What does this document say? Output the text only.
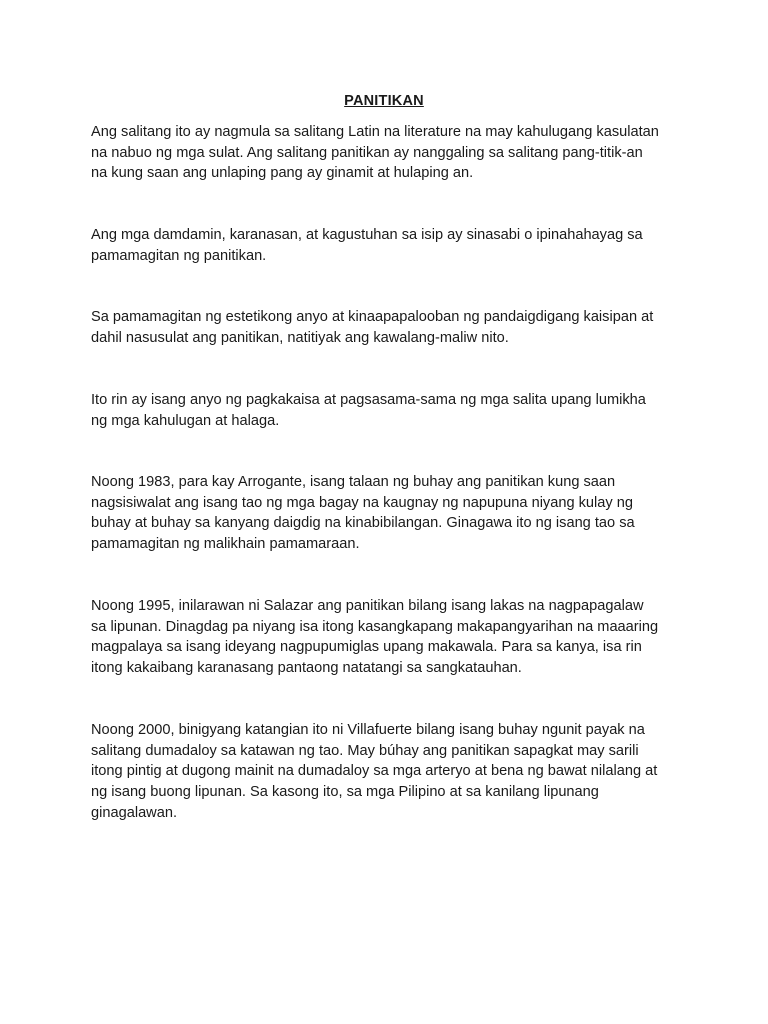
PANITIKAN

Ang salitang ito ay nagmula sa salitang Latin na literature na may kahulugang kasulatan
na nabuo ng mga sulat. Ang salitang panitikan ay nanggaling sa salitang pang-titik-an
na kung saan ang unlaping pang ay ginamit at hulaping an.

Ang mga damdamin, karanasan, at kagustuhan sa isip ay sinasabi o ipinahahayag sa
pamamagitan ng panitikan.

Sa pamamagitan ng estetikong anyo at kinaapapalooban ng pandaigdigang kaisipan at
dahil nasusulat ang panitikan, natitiyak ang kawalang-maliw nito.

Ito rin ay isang anyo ng pagkakaisa at pagsasama-sama ng mga salita upang lumikha
ng mga kahulugan at halaga.

Noong 1983, para kay Arrogante, isang talaan ng buhay ang panitikan kung saan
nagsisiwalat ang isang tao ng mga bagay na kaugnay ng napupuna niyang kulay ng
buhay at buhay sa kanyang daigdig na kinabibilangan. Ginagawa ito ng isang tao sa
pamamagitan ng malikhain pamamaraan.

Noong 1995, inilarawan ni Salazar ang panitikan bilang isang lakas na nagpapagalaw
sa lipunan. Dinagdag pa niyang isa itong kasangkapang makapangyarihan na maaaring
magpalaya sa isang ideyang nagpupumiglas upang makawala. Para sa kanya, isa rin
itong kakaibang karanasang pantaong natatangi sa sangkatauhan.

Noong 2000, binigyang katangian ito ni Villafuerte bilang isang buhay ngunit payak na
salitang dumadaloy sa katawan ng tao. May búhay ang panitikan sapagkat may sarili
itong pintig at dugong mainit na dumadaloy sa mga arteryo at bena ng bawat nilalang at
ng isang buong lipunan. Sa kasong ito, sa mga Pilipino at sa kanilang lipunang
ginagalawan.
